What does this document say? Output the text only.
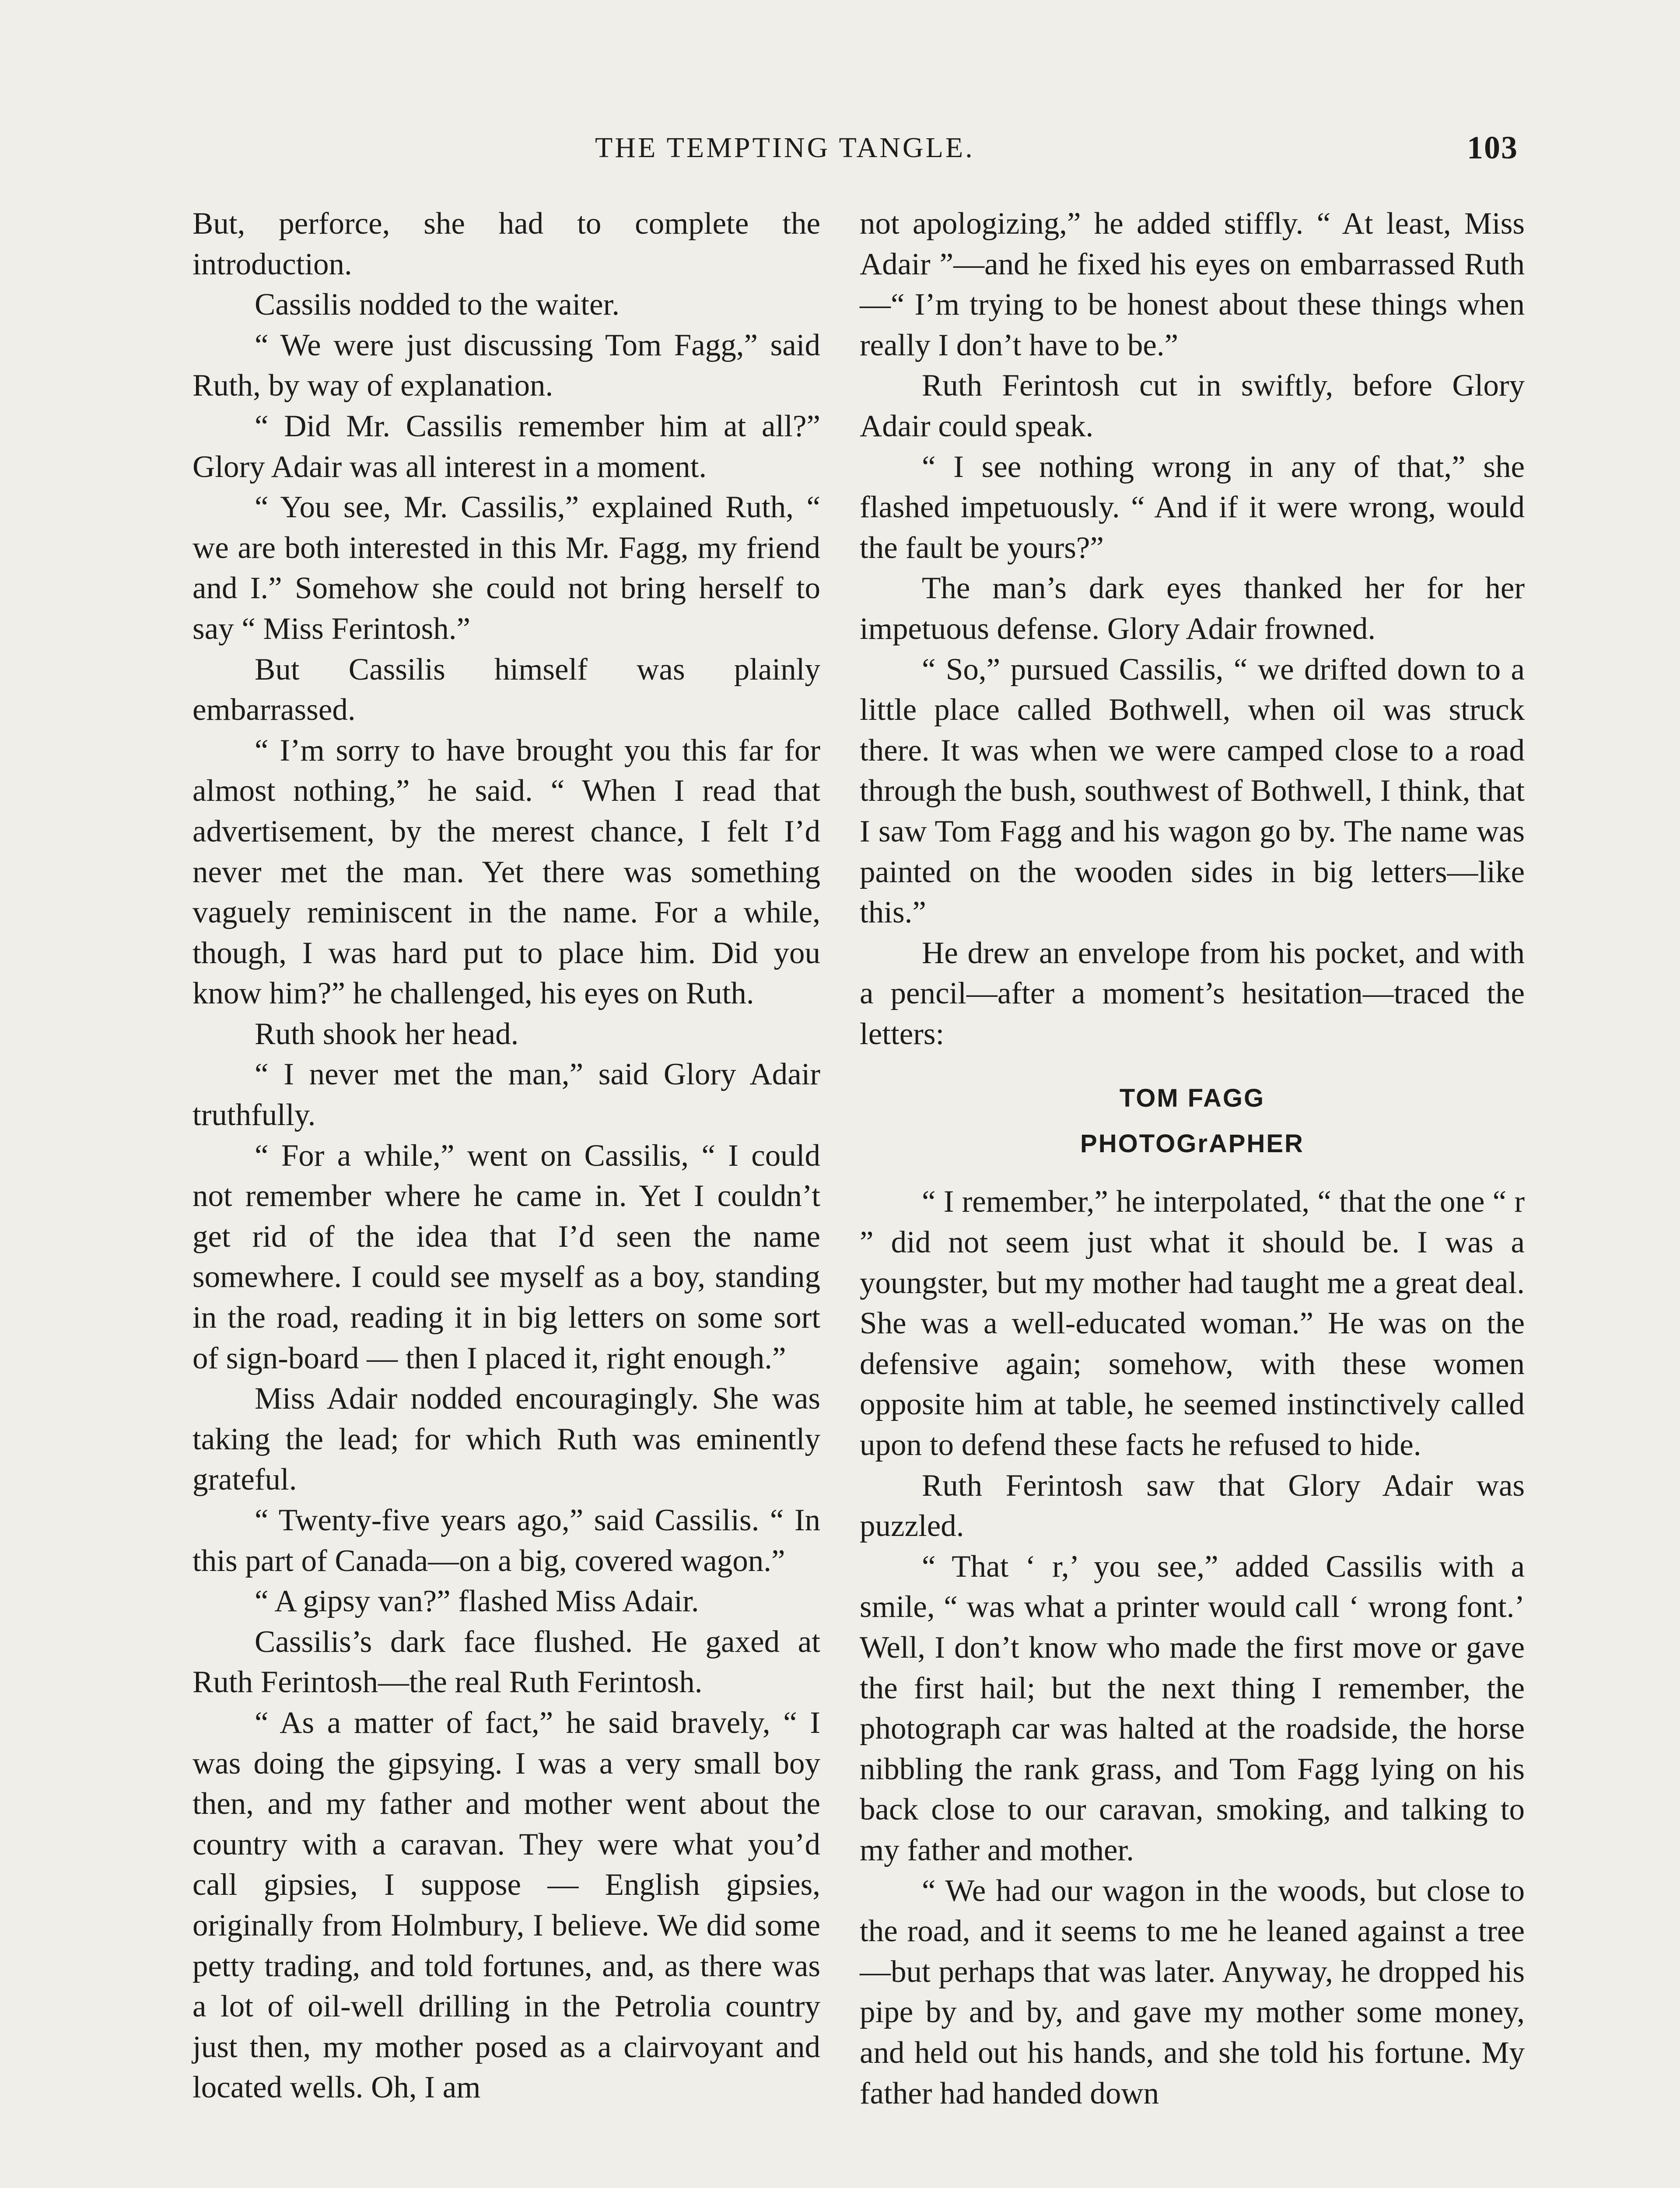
THE TEMPTING TANGLE.	103

But, perforce, she had to complete the introduction.

Cassilis nodded to the waiter.

“ We were just discussing Tom Fagg,” said Ruth, by way of explanation.

“ Did Mr. Cassilis remember him at all?” Glory Adair was all interest in a moment.

“ You see, Mr. Cassilis,” explained Ruth, “ we are both interested in this Mr. Fagg, my friend and I.” Somehow she could not bring herself to say “ Miss Ferintosh.”

But Cassilis himself was plainly embarrassed.

“ I’m sorry to have brought you this far for almost nothing,” he said. “ When I read that advertisement, by the merest chance, I felt I’d never met the man. Yet there was something vaguely reminiscent in the name. For a while, though, I was hard put to place him. Did you know him?” he challenged, his eyes on Ruth.

Ruth shook her head.

“ I never met the man,” said Glory Adair truthfully.

“ For a while,” went on Cassilis, “ I could not remember where he came in. Yet I couldn’t get rid of the idea that I’d seen the name somewhere. I could see myself as a boy, standing in the road, reading it in big letters on some sort of sign-board — then I placed it, right enough.”

Miss Adair nodded encouragingly. She was taking the lead; for which Ruth was eminently grateful.

“ Twenty-five years ago,” said Cassilis. “ In this part of Canada—on a big, covered wagon.”

“ A gipsy van?” flashed Miss Adair.

Cassilis’s dark face flushed. He gaxed at Ruth Ferintosh—the real Ruth Ferintosh.

“ As a matter of fact,” he said bravely, “ I was doing the gipsying. I was a very small boy then, and my father and mother went about the country with a caravan. They were what you’d call gipsies, I suppose — English gipsies, originally from Holmbury, I believe. We did some petty trading, and told fortunes, and, as there was a lot of oil-well drilling in the Petrolia country just then, my mother posed as a clairvoyant and located wells. Oh, I am

not apologizing,” he added stiffly. “ At least, Miss Adair ”—and he fixed his eyes on embarrassed Ruth—“ I’m trying to be honest about these things when really I don’t have to be.”

Ruth Ferintosh cut in swiftly, before Glory Adair could speak.

“ I see nothing wrong in any of that,” she flashed impetuously. “ And if it were wrong, would the fault be yours?”

The man’s dark eyes thanked her for her impetuous defense. Glory Adair frowned.

“ So,” pursued Cassilis, “ we drifted down to a little place called Bothwell, when oil was struck there. It was when we were camped close to a road through the bush, southwest of Bothwell, I think, that I saw Tom Fagg and his wagon go by. The name was painted on the wooden sides in big letters—like this.”

He drew an envelope from his pocket, and with a pencil—after a moment’s hesitation—traced the letters:

TOM FAGG
PHOTOGrAPHER

“ I remember,” he interpolated, “ that the one “ r ” did not seem just what it should be. I was a youngster, but my mother had taught me a great deal. She was a well-educated woman.” He was on the defensive again; somehow, with these women opposite him at table, he seemed instinctively called upon to defend these facts he refused to hide.

Ruth Ferintosh saw that Glory Adair was puzzled.

“ That ‘ r,’ you see,” added Cassilis with a smile, “ was what a printer would call ‘ wrong font.’ Well, I don’t know who made the first move or gave the first hail; but the next thing I remember, the photograph car was halted at the roadside, the horse nibbling the rank grass, and Tom Fagg lying on his back close to our caravan, smoking, and talking to my father and mother.

“ We had our wagon in the woods, but close to the road, and it seems to me he leaned against a tree—but perhaps that was later. Anyway, he dropped his pipe by and by, and gave my mother some money, and held out his hands, and she told his fortune. My father had handed down
